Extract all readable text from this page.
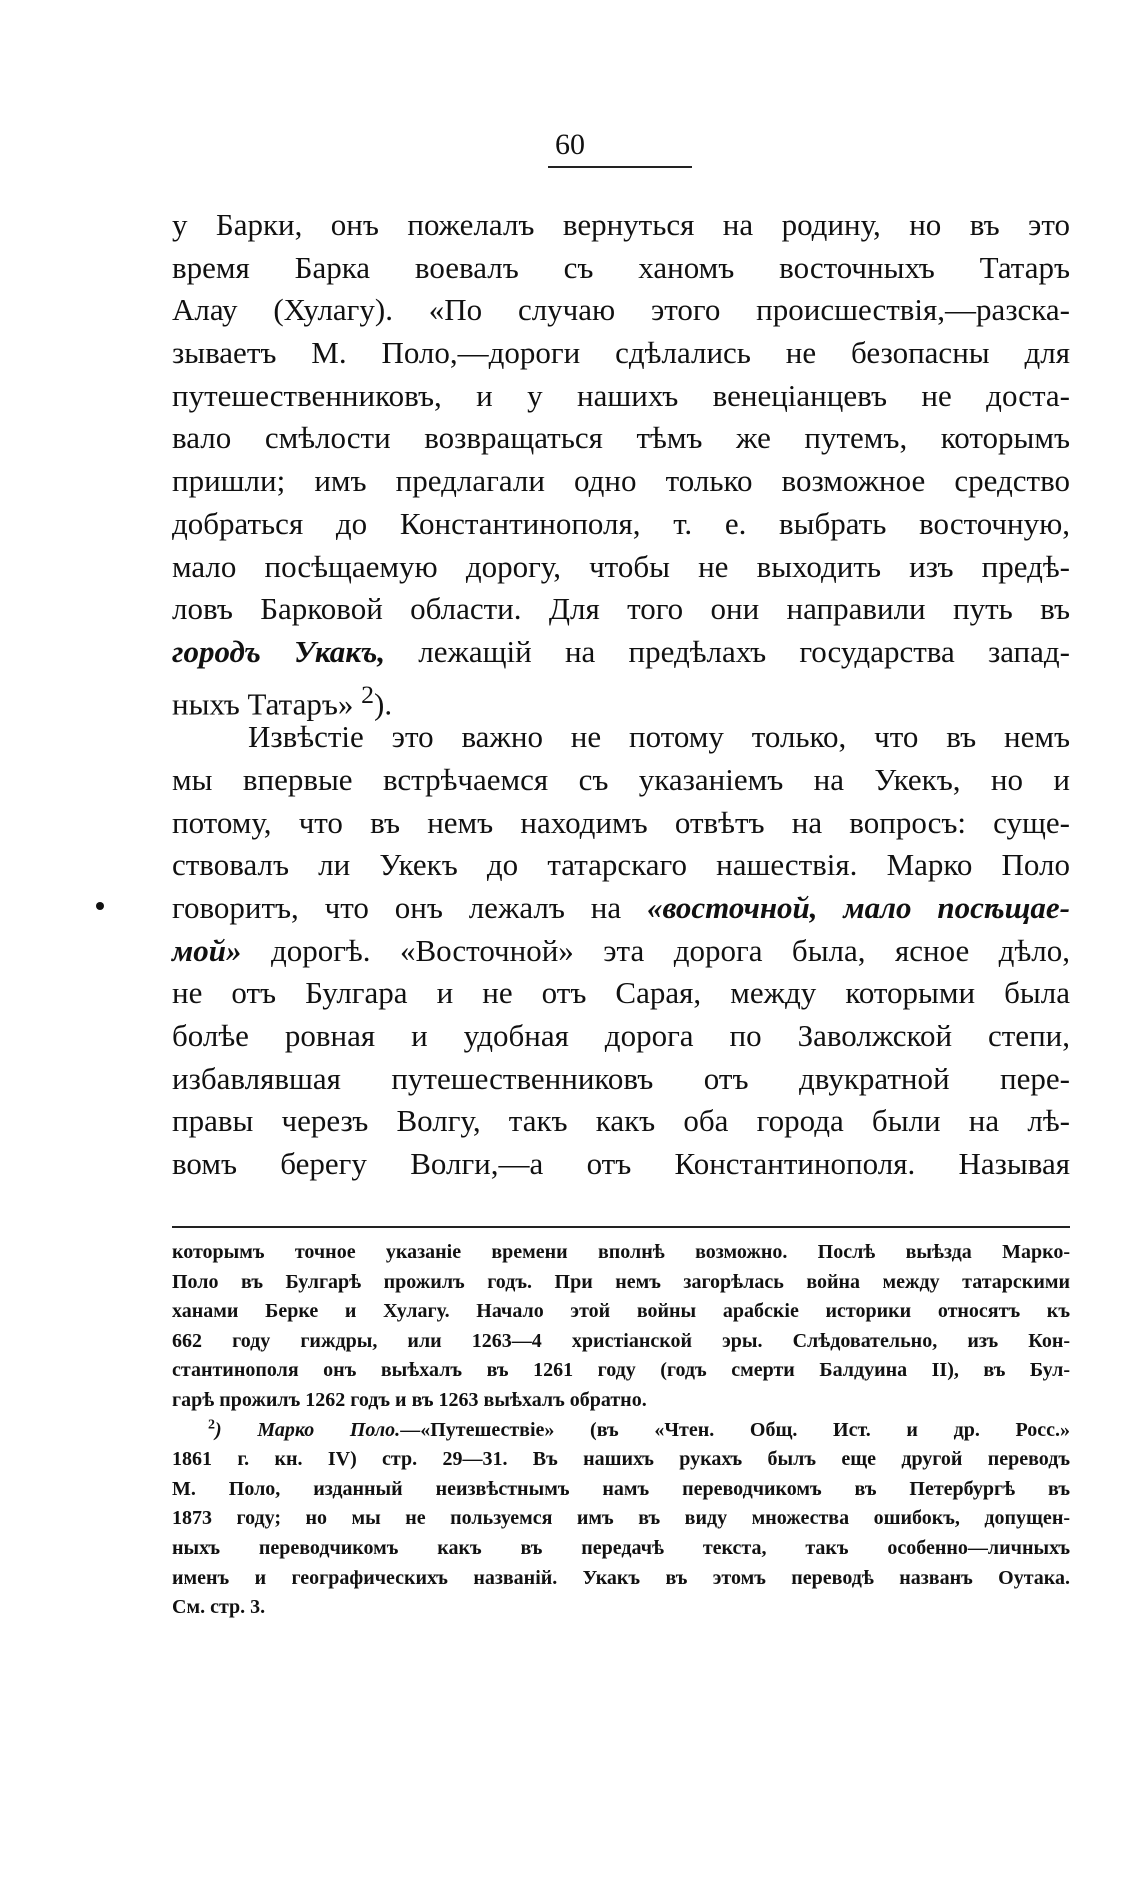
60
у Барки, онъ пожелалъ вернуться на родину, но въ это
время Барка воевалъ съ ханомъ восточныхъ Татаръ
Алау (Хулагу). «По случаю этого происшествія,—разска-
зываетъ М. Поло,—дороги сдѣлались не безопасны для
путешественниковъ, и у нашихъ венеціанцевъ не доста-
вало смѣлости возвращаться тѣмъ же путемъ, которымъ
пришли; имъ предлагали одно только возможное средство
добраться до Константинополя, т. е. выбрать восточную,
мало посѣщаемую дорогу, чтобы не выходить изъ предѣ-
ловъ Барковой области. Для того они направили путь въ
городъ Укакъ, лежащій на предѣлахъ государства запад-
ныхъ Татаръ» $^2$).
Извѣстіе это важно не потому только, что въ немъ
мы впервые встрѣчаемся съ указаніемъ на Укекъ, но и
потому, что въ немъ находимъ отвѣтъ на вопросъ: суще-
ствовалъ ли Укекъ до татарскаго нашествія. Марко Поло
говоритъ, что онъ лежалъ на «восточной, мало посѣщае-
мой» дорогѣ. «Восточной» эта дорога была, ясное дѣло,
не отъ Булгара и не отъ Сарая, между которыми была
болѣе ровная и удобная дорога по Заволжской степи,
избавлявшая путешественниковъ отъ двукратной пере-
правы черезъ Волгу, такъ какъ оба города были на лѣ-
вомъ берегу Волги,—а отъ Константинополя. Называя
которымъ точное указаніе времени вполнѣ возможно. Послѣ выѣзда Марко-
Поло въ Булгарѣ прожилъ годъ. При немъ загорѣлась война между татарскими
ханами Берке и Хулагу. Начало этой войны арабскіе историки относятъ къ
662 году гиждры, или 1263—4 христіанской эры. Слѣдовательно, изъ Кон-
стантинополя онъ выѣхалъ въ 1261 году (годъ смерти Балдуина II), въ Бул-
гарѣ прожилъ 1262 годъ и въ 1263 выѣхалъ обратно.
$^2$) Марко Поло.—«Путешествіе» (въ «Чтен. Общ. Ист. и др. Росс.»
1861 г. кн. IV) стр. 29—31. Въ нашихъ рукахъ былъ еще другой переводъ
М. Поло, изданный неизвѣстнымъ намъ переводчикомъ въ Петербургѣ въ
1873 году; но мы не пользуемся имъ въ виду множества ошибокъ, допущен-
ныхъ переводчикомъ какъ въ передачѣ текста, такъ особенно—личныхъ
именъ и географическихъ названій. Укакъ въ этомъ переводѣ названъ Оутака.
См. стр. 3.
